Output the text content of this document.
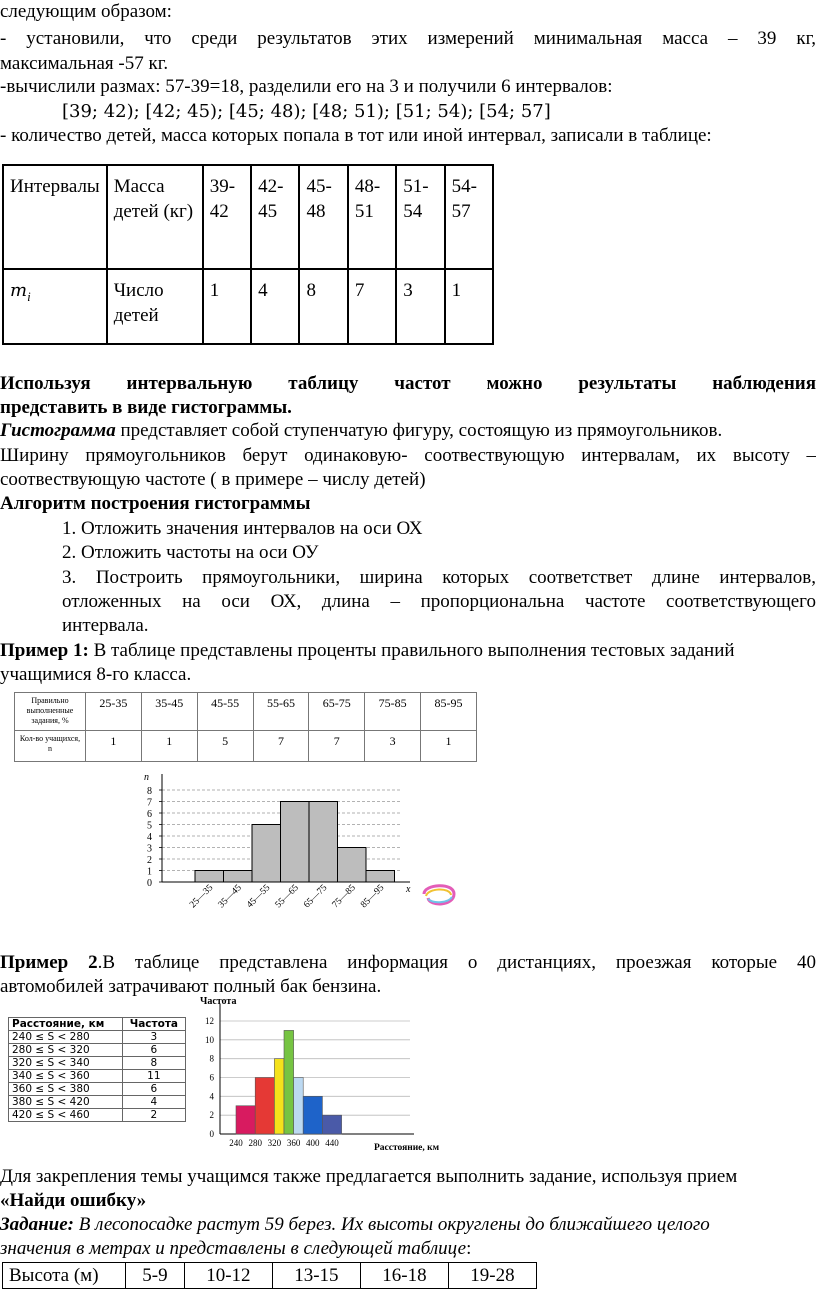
следующим образом:
- установили, что среди результатов этих измерений минимальная масса – 39 кг,
максимальная -57 кг.
-вычислили размах: 57-39=18, разделили его на 3 и получили 6 интервалов:
[39; 42); [42; 45); [45; 48); [48; 51); [51; 54); [54; 57]
- количество детей, масса которых попала в тот или иной интервал, записали в таблице:
Интервалы	Масса детей (кг)	39-42	42-45	45-48	48-51	51-54	54-57
$m_i$	Число детей	1	4	8	7	3	1
Используя интервальную таблицу частот можно результаты наблюдения
представить в виде гистограммы.
Гистограмма представляет собой ступенчатую фигуру, состоящую из прямоугольников.
Ширину прямоугольников берут одинаковую- соотвествующую интервалам, их высоту –
соотвествующую частоте ( в примере – числу детей)
Алгоритм построения гистограммы
1. Отложить значения интервалов на оси ОХ
2. Отложить частоты на оси ОУ
3. Построить прямоугольники, ширина которых соответствет длине интервалов,
отложенных на оси ОХ, длина – пропорциональна частоте соответствующего
интервала.
Пример 1: В таблице представлены проценты правильного выполнения тестовых заданий
учащимися 8-го класса.
Правильно выполненные задания, %	25-35	35-45	45-55	55-65	65-75	75-85	85-95
Кол-во учащихся, n	1	1	5	7	7	3	1
0
1
2
3
4
5
6
7
8
n
x
25—35 35—45 45—55 55—65 65—75 75—85 85—95
Пример 2.В таблице представлена информация о дистанциях, проезжая которые 40
автомобилей затрачивают полный бак бензина.
Расстояние, км	Частота
240 ≤ S < 280	3
280 ≤ S < 320	6
320 ≤ S < 340	8
340 ≤ S < 360	11
360 ≤ S < 380	6
380 ≤ S < 420	4
420 ≤ S < 460	2
0
2
4
6
8
10
12
Частота
Расстояние, км
240 280 320 360 400 440
Для закрепления темы учащимся также предлагается выполнить задание, используя прием
«Найди ошибку»
Задание: В лесопосадке растут 59 берез. Их высоты округлены до ближайшего целого
значения в метрах и представлены в следующей таблице:
Высота (м)	5-9	10-12	13-15	16-18	19-28
